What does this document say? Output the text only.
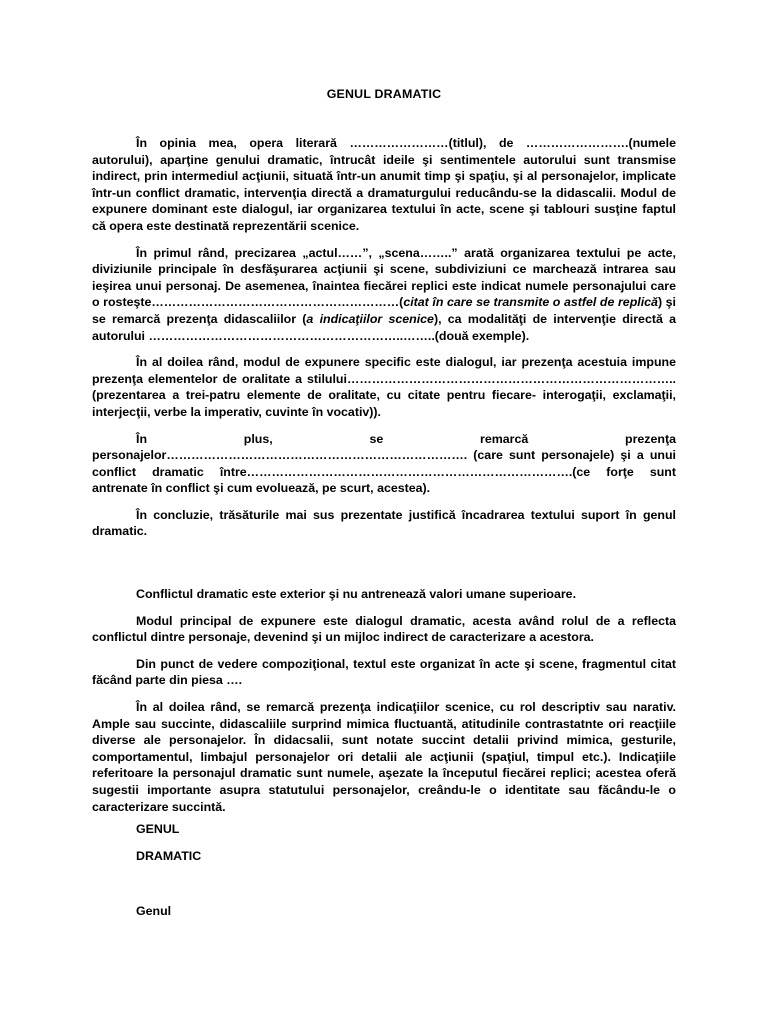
GENUL DRAMATIC

În opinia mea, opera literară ……………………(titlul), de …………………….(numele autorului), aparţine genului dramatic, întrucât ideile şi sentimentele autorului sunt transmise indirect, prin intermediul acţiunii, situată într-un anumit timp şi spaţiu, şi al personajelor, implicate într-un conflict dramatic, intervenţia directă a dramaturgului reducându-se la didascalii. Modul de expunere dominant este dialogul, iar organizarea textului în acte, scene şi tablouri susţine faptul că opera este destinată reprezentării scenice.

În primul rând, precizarea „actul……”, „scena……..” arată organizarea textului pe acte, diviziunile principale în desfăşurarea acţiunii şi scene, subdiviziuni ce marchează intrarea sau ieşirea unui personaj. De asemenea, înaintea fiecărei replici este indicat numele personajului care o rosteşte……………………………………………………(citat în care se transmite o astfel de replică) şi se remarcă prezenţa didascaliilor (a indicaţiilor scenice), ca modalităţi de intervenţie directă a autorului ……………………………………………………..……..(două exemple).

În al doilea rând, modul de expunere specific este dialogul, iar prezenţa acestuia impune prezenţa elementelor de oralitate a stilului…………………………………………………………………….. (prezentarea a trei-patru elemente de oralitate, cu citate pentru fiecare- interogaţii, exclamaţii, interjecţii, verbe la imperativ, cuvinte în vocativ)).

În plus, se remarcă prezenţa personajelor………………………………………………………………. (care sunt personajele) şi a unui conflict dramatic între…………………………………………………………………….(ce forţe sunt antrenate în conflict şi cum evoluează, pe scurt, acestea).

În concluzie, trăsăturile mai sus prezentate justifică încadrarea textului suport în genul dramatic.

Conflictul dramatic este exterior şi nu antrenează valori umane superioare.

Modul principal de expunere este dialogul dramatic, acesta având rolul de a reflecta conflictul dintre personaje, devenind şi un mijloc indirect de caracterizare a acestora.

Din punct de vedere compoziţional, textul este organizat în acte şi scene, fragmentul citat făcând parte din piesa ….

În al doilea rând, se remarcă prezenţa indicaţiilor scenice, cu rol descriptiv sau narativ. Ample sau succinte, didascaliile surprind mimica fluctuantă, atitudinile contrastatnte ori reacţiile diverse ale personajelor. În didacsalii, sunt notate succint detalii privind mimica, gesturile, comportamentul, limbajul personajelor ori detalii ale acţiunii (spaţiul, timpul etc.). Indicaţiile referitoare la personajul dramatic sunt numele, aşezate la începutul fiecărei replici; acestea oferă sugestii importante asupra statutului personajelor, creându-le o identitate sau făcându-le o caracterizare succintă.

GENUL
DRAMATIC
Genul
